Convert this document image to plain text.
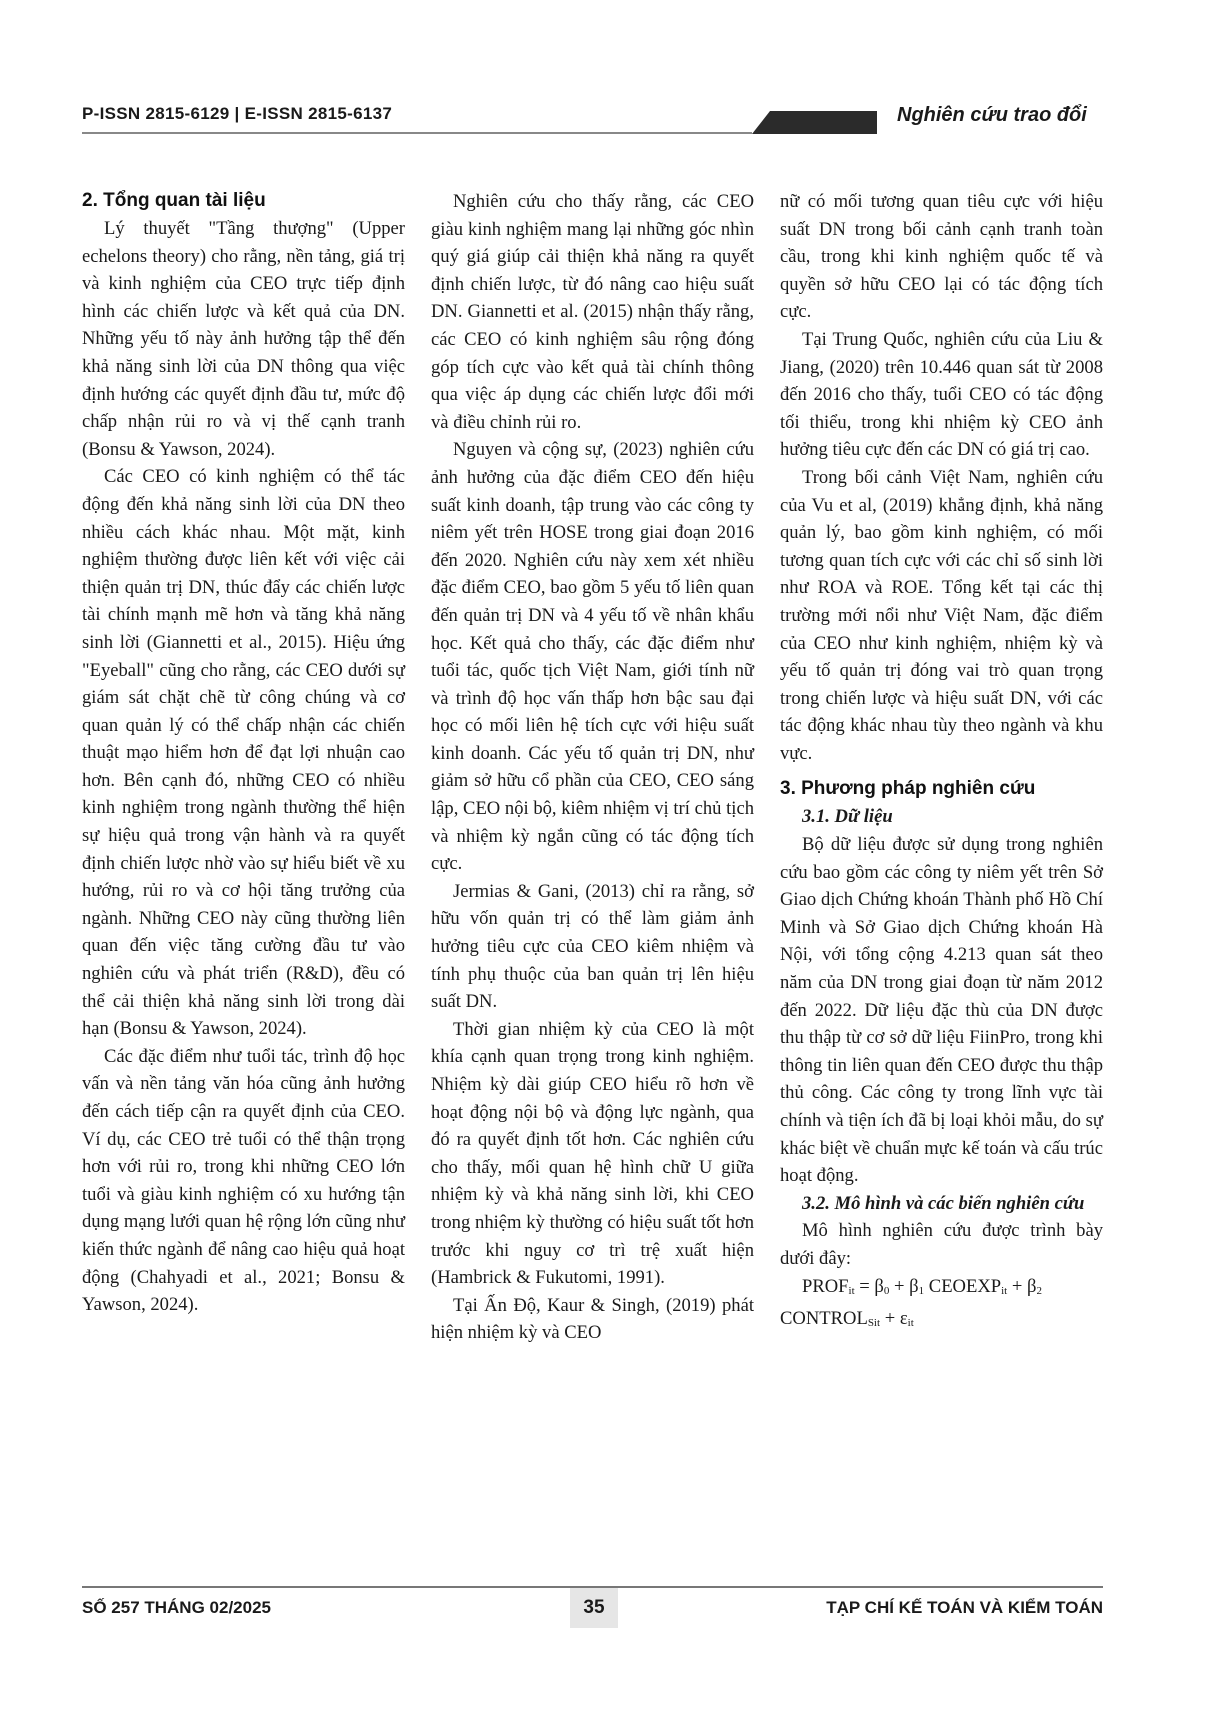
P-ISSN 2815-6129 | E-ISSN 2815-6137	Nghiên cứu trao đổi
2. Tổng quan tài liệu

Lý thuyết "Tầng thượng" (Upper echelons theory) cho rằng, nền tảng, giá trị và kinh nghiệm của CEO trực tiếp định hình các chiến lược và kết quả của DN. Những yếu tố này ảnh hưởng tập thể đến khả năng sinh lời của DN thông qua việc định hướng các quyết định đầu tư, mức độ chấp nhận rủi ro và vị thế cạnh tranh (Bonsu & Yawson, 2024).

Các CEO có kinh nghiệm có thể tác động đến khả năng sinh lời của DN theo nhiều cách khác nhau. Một mặt, kinh nghiệm thường được liên kết với việc cải thiện quản trị DN, thúc đẩy các chiến lược tài chính mạnh mẽ hơn và tăng khả năng sinh lời (Giannetti et al., 2015). Hiệu ứng "Eyeball" cũng cho rằng, các CEO dưới sự giám sát chặt chẽ từ công chúng và cơ quan quản lý có thể chấp nhận các chiến thuật mạo hiểm hơn để đạt lợi nhuận cao hơn. Bên cạnh đó, những CEO có nhiều kinh nghiệm trong ngành thường thể hiện sự hiệu quả trong vận hành và ra quyết định chiến lược nhờ vào sự hiểu biết về xu hướng, rủi ro và cơ hội tăng trưởng của ngành. Những CEO này cũng thường liên quan đến việc tăng cường đầu tư vào nghiên cứu và phát triển (R&D), đều có thể cải thiện khả năng sinh lời trong dài hạn (Bonsu & Yawson, 2024).

Các đặc điểm như tuổi tác, trình độ học vấn và nền tảng văn hóa cũng ảnh hưởng đến cách tiếp cận ra quyết định của CEO. Ví dụ, các CEO trẻ tuổi có thể thận trọng hơn với rủi ro, trong khi những CEO lớn tuổi và giàu kinh nghiệm có xu hướng tận dụng mạng lưới quan hệ rộng lớn cũng như kiến thức ngành để nâng cao hiệu quả hoạt động (Chahyadi et al., 2021; Bonsu & Yawson, 2024).

Nghiên cứu cho thấy rằng, các CEO giàu kinh nghiệm mang lại những góc nhìn quý giá giúp cải thiện khả năng ra quyết định chiến lược, từ đó nâng cao hiệu suất DN. Giannetti et al. (2015) nhận thấy rằng, các CEO có kinh nghiệm sâu rộng đóng góp tích cực vào kết quả tài chính thông qua việc áp dụng các chiến lược đổi mới và điều chỉnh rủi ro.

Nguyen và cộng sự, (2023) nghiên cứu ảnh hưởng của đặc điểm CEO đến hiệu suất kinh doanh, tập trung vào các công ty niêm yết trên HOSE trong giai đoạn 2016 đến 2020. Nghiên cứu này xem xét nhiều đặc điểm CEO, bao gồm 5 yếu tố liên quan đến quản trị DN và 4 yếu tố về nhân khẩu học. Kết quả cho thấy, các đặc điểm như tuổi tác, quốc tịch Việt Nam, giới tính nữ và trình độ học vấn thấp hơn bậc sau đại học có mối liên hệ tích cực với hiệu suất kinh doanh. Các yếu tố quản trị DN, như giảm sở hữu cổ phần của CEO, CEO sáng lập, CEO nội bộ, kiêm nhiệm vị trí chủ tịch và nhiệm kỳ ngắn cũng có tác động tích cực.

Jermias & Gani, (2013) chỉ ra rằng, sở hữu vốn quản trị có thể làm giảm ảnh hưởng tiêu cực của CEO kiêm nhiệm và tính phụ thuộc của ban quản trị lên hiệu suất DN.

Thời gian nhiệm kỳ của CEO là một khía cạnh quan trọng trong kinh nghiệm. Nhiệm kỳ dài giúp CEO hiểu rõ hơn về hoạt động nội bộ và động lực ngành, qua đó ra quyết định tốt hơn. Các nghiên cứu cho thấy, mối quan hệ hình chữ U giữa nhiệm kỳ và khả năng sinh lời, khi CEO trong nhiệm kỳ thường có hiệu suất tốt hơn trước khi nguy cơ trì trệ xuất hiện (Hambrick & Fukutomi, 1991).

Tại Ấn Độ, Kaur & Singh, (2019) phát hiện nhiệm kỳ và CEO

nữ có mối tương quan tiêu cực với hiệu suất DN trong bối cảnh cạnh tranh toàn cầu, trong khi kinh nghiệm quốc tế và quyền sở hữu CEO lại có tác động tích cực.

Tại Trung Quốc, nghiên cứu của Liu & Jiang, (2020) trên 10.446 quan sát từ 2008 đến 2016 cho thấy, tuổi CEO có tác động tối thiểu, trong khi nhiệm kỳ CEO ảnh hưởng tiêu cực đến các DN có giá trị cao.

Trong bối cảnh Việt Nam, nghiên cứu của Vu et al, (2019) khẳng định, khả năng quản lý, bao gồm kinh nghiệm, có mối tương quan tích cực với các chỉ số sinh lời như ROA và ROE. Tổng kết tại các thị trường mới nổi như Việt Nam, đặc điểm của CEO như kinh nghiệm, nhiệm kỳ và yếu tố quản trị đóng vai trò quan trọng trong chiến lược và hiệu suất DN, với các tác động khác nhau tùy theo ngành và khu vực.

3. Phương pháp nghiên cứu
3.1. Dữ liệu

Bộ dữ liệu được sử dụng trong nghiên cứu bao gồm các công ty niêm yết trên Sở Giao dịch Chứng khoán Thành phố Hồ Chí Minh và Sở Giao dịch Chứng khoán Hà Nội, với tổng cộng 4.213 quan sát theo năm của DN trong giai đoạn từ năm 2012 đến 2022. Dữ liệu đặc thù của DN được thu thập từ cơ sở dữ liệu FiinPro, trong khi thông tin liên quan đến CEO được thu thập thủ công. Các công ty trong lĩnh vực tài chính và tiện ích đã bị loại khỏi mẫu, do sự khác biệt về chuẩn mực kế toán và cấu trúc hoạt động.

3.2. Mô hình và các biến nghiên cứu

Mô hình nghiên cứu được trình bày dưới đây:

$PROF_{it} = \beta_0 + \beta_1$ $CEOEXP_{it} + \beta_2$
$CONTROL_{Sit} + \varepsilon_{it}$

SỐ 257 THÁNG 02/2025	35	TẠP CHÍ KẾ TOÁN VÀ KIỂM TOÁN
